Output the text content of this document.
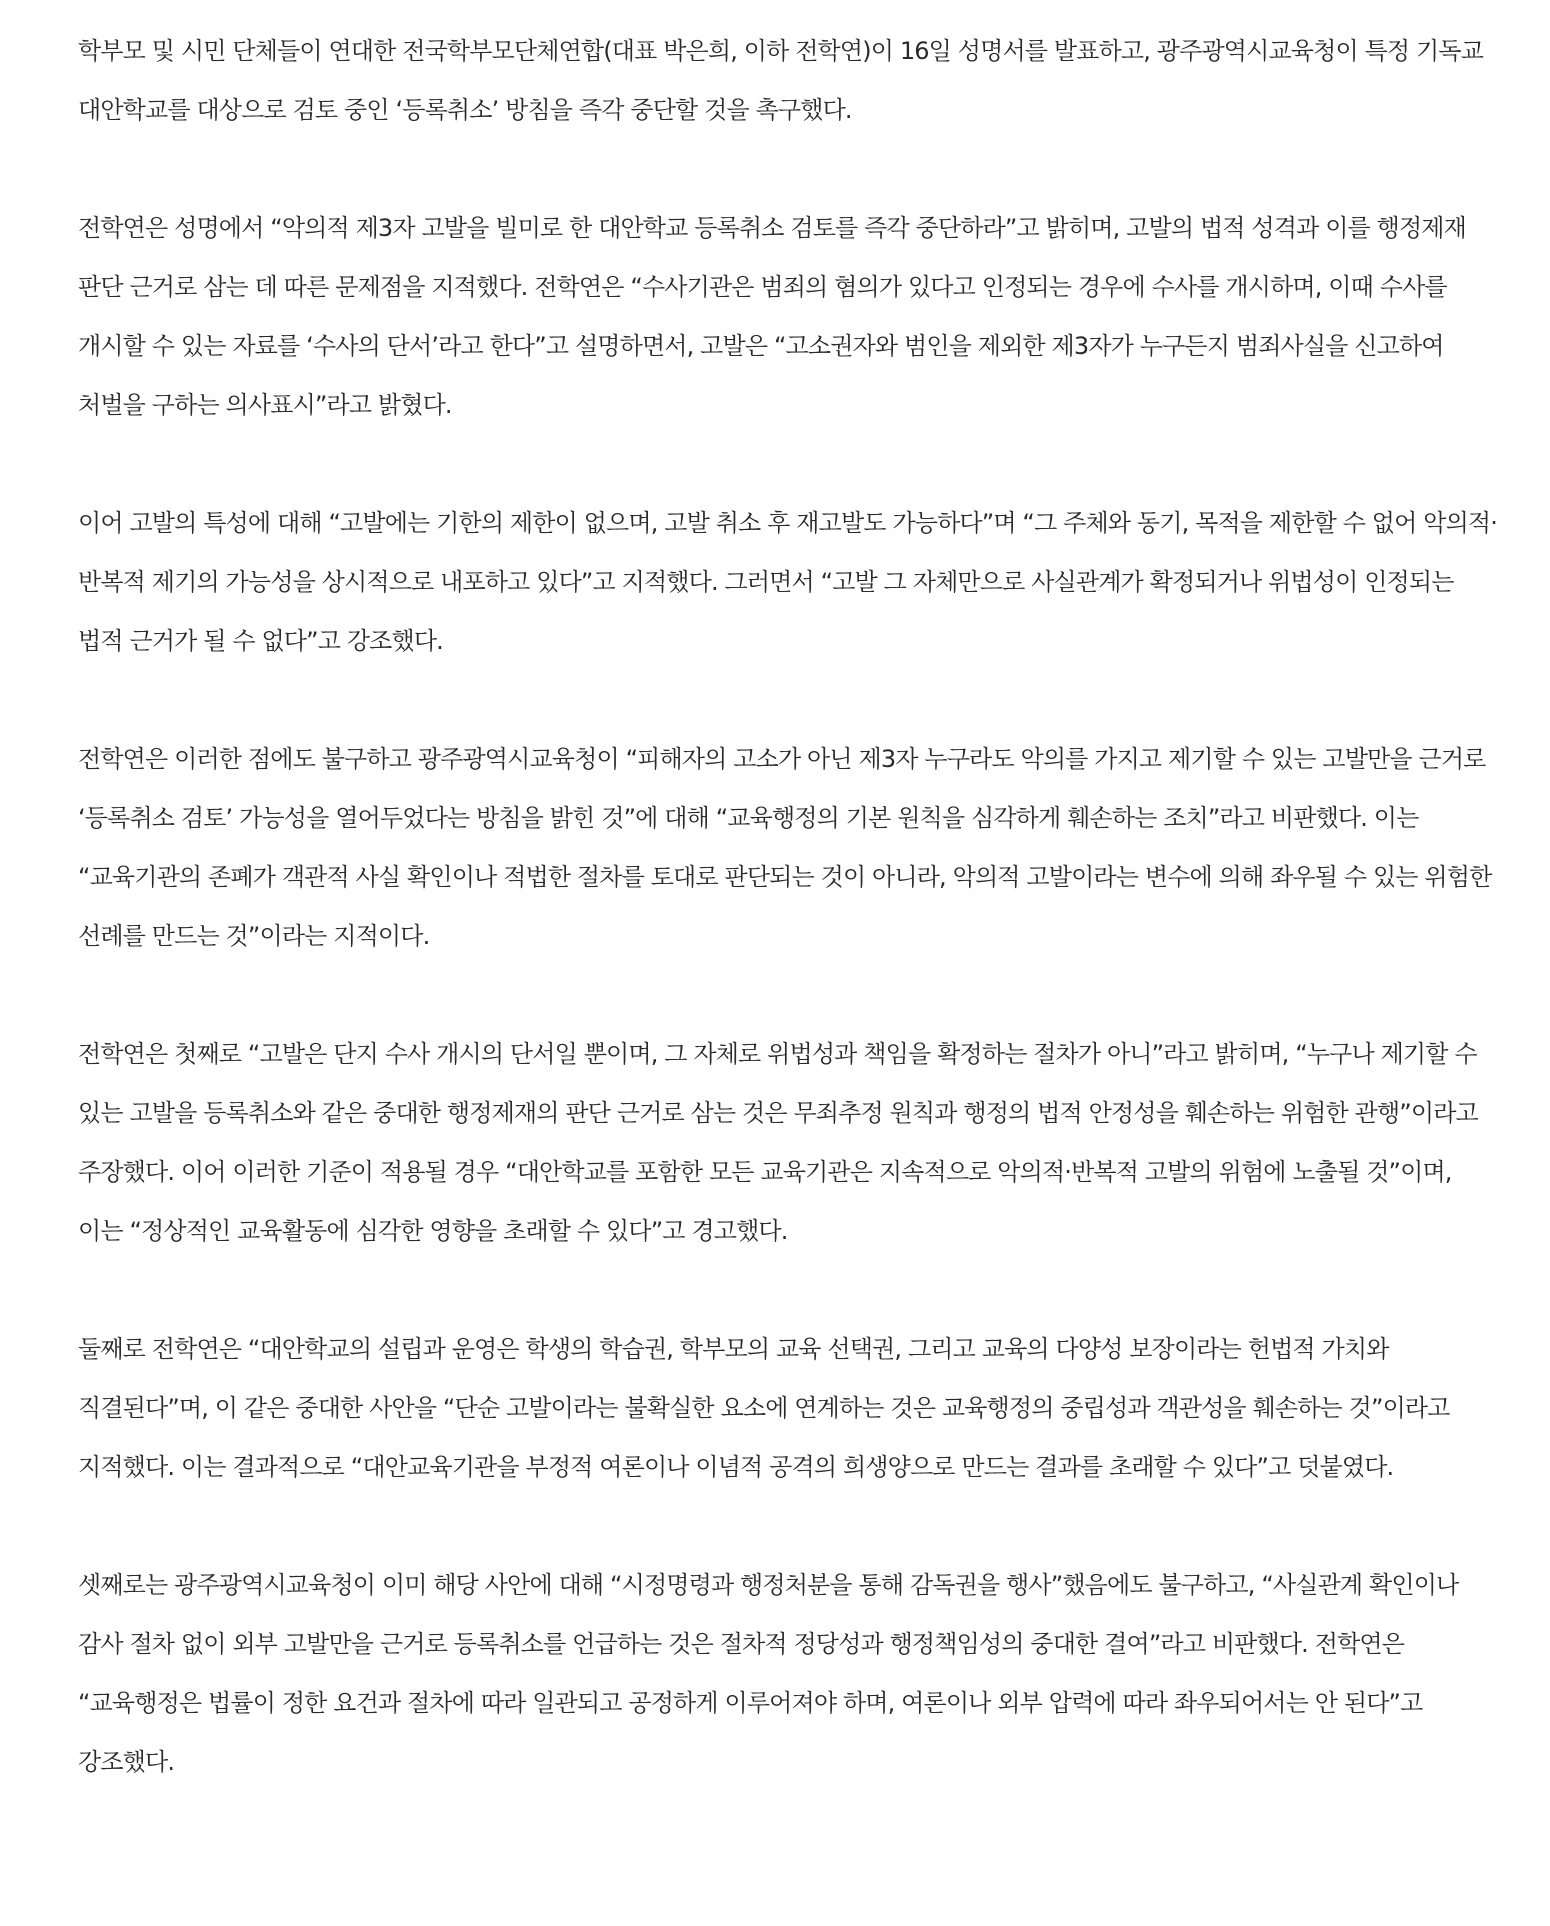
학부모 및 시민 단체들이 연대한 전국학부모단체연합(대표 박은희, 이하 전학연)이 16일 성명서를 발표하고, 광주광역시교육청이 특정 기독교 대안학교를 대상으로 검토 중인 ‘등록취소’ 방침을 즉각 중단할 것을 촉구했다.

전학연은 성명에서 “악의적 제3자 고발을 빌미로 한 대안학교 등록취소 검토를 즉각 중단하라”고 밝히며, 고발의 법적 성격과 이를 행정제재 판단 근거로 삼는 데 따른 문제점을 지적했다. 전학연은 “수사기관은 범죄의 혐의가 있다고 인정되는 경우에 수사를 개시하며, 이때 수사를 개시할 수 있는 자료를 ‘수사의 단서’라고 한다”고 설명하면서, 고발은 “고소권자와 범인을 제외한 제3자가 누구든지 범죄사실을 신고하여 처벌을 구하는 의사표시”라고 밝혔다.

이어 고발의 특성에 대해 “고발에는 기한의 제한이 없으며, 고발 취소 후 재고발도 가능하다”며 “그 주체와 동기, 목적을 제한할 수 없어 악의적·반복적 제기의 가능성을 상시적으로 내포하고 있다”고 지적했다. 그러면서 “고발 그 자체만으로 사실관계가 확정되거나 위법성이 인정되는 법적 근거가 될 수 없다”고 강조했다.

전학연은 이러한 점에도 불구하고 광주광역시교육청이 “피해자의 고소가 아닌 제3자 누구라도 악의를 가지고 제기할 수 있는 고발만을 근거로 ‘등록취소 검토’ 가능성을 열어두었다는 방침을 밝힌 것”에 대해 “교육행정의 기본 원칙을 심각하게 훼손하는 조치”라고 비판했다. 이는 “교육기관의 존폐가 객관적 사실 확인이나 적법한 절차를 토대로 판단되는 것이 아니라, 악의적 고발이라는 변수에 의해 좌우될 수 있는 위험한 선례를 만드는 것”이라는 지적이다.

전학연은 첫째로 “고발은 단지 수사 개시의 단서일 뿐이며, 그 자체로 위법성과 책임을 확정하는 절차가 아니”라고 밝히며, “누구나 제기할 수 있는 고발을 등록취소와 같은 중대한 행정제재의 판단 근거로 삼는 것은 무죄추정 원칙과 행정의 법적 안정성을 훼손하는 위험한 관행”이라고 주장했다. 이어 이러한 기준이 적용될 경우 “대안학교를 포함한 모든 교육기관은 지속적으로 악의적·반복적 고발의 위험에 노출될 것”이며, 이는 “정상적인 교육활동에 심각한 영향을 초래할 수 있다”고 경고했다.

둘째로 전학연은 “대안학교의 설립과 운영은 학생의 학습권, 학부모의 교육 선택권, 그리고 교육의 다양성 보장이라는 헌법적 가치와 직결된다”며, 이 같은 중대한 사안을 “단순 고발이라는 불확실한 요소에 연계하는 것은 교육행정의 중립성과 객관성을 훼손하는 것”이라고 지적했다. 이는 결과적으로 “대안교육기관을 부정적 여론이나 이념적 공격의 희생양으로 만드는 결과를 초래할 수 있다”고 덧붙였다.

셋째로는 광주광역시교육청이 이미 해당 사안에 대해 “시정명령과 행정처분을 통해 감독권을 행사”했음에도 불구하고, “사실관계 확인이나 감사 절차 없이 외부 고발만을 근거로 등록취소를 언급하는 것은 절차적 정당성과 행정책임성의 중대한 결여”라고 비판했다. 전학연은 “교육행정은 법률이 정한 요건과 절차에 따라 일관되고 공정하게 이루어져야 하며, 여론이나 외부 압력에 따라 좌우되어서는 안 된다”고 강조했다.
